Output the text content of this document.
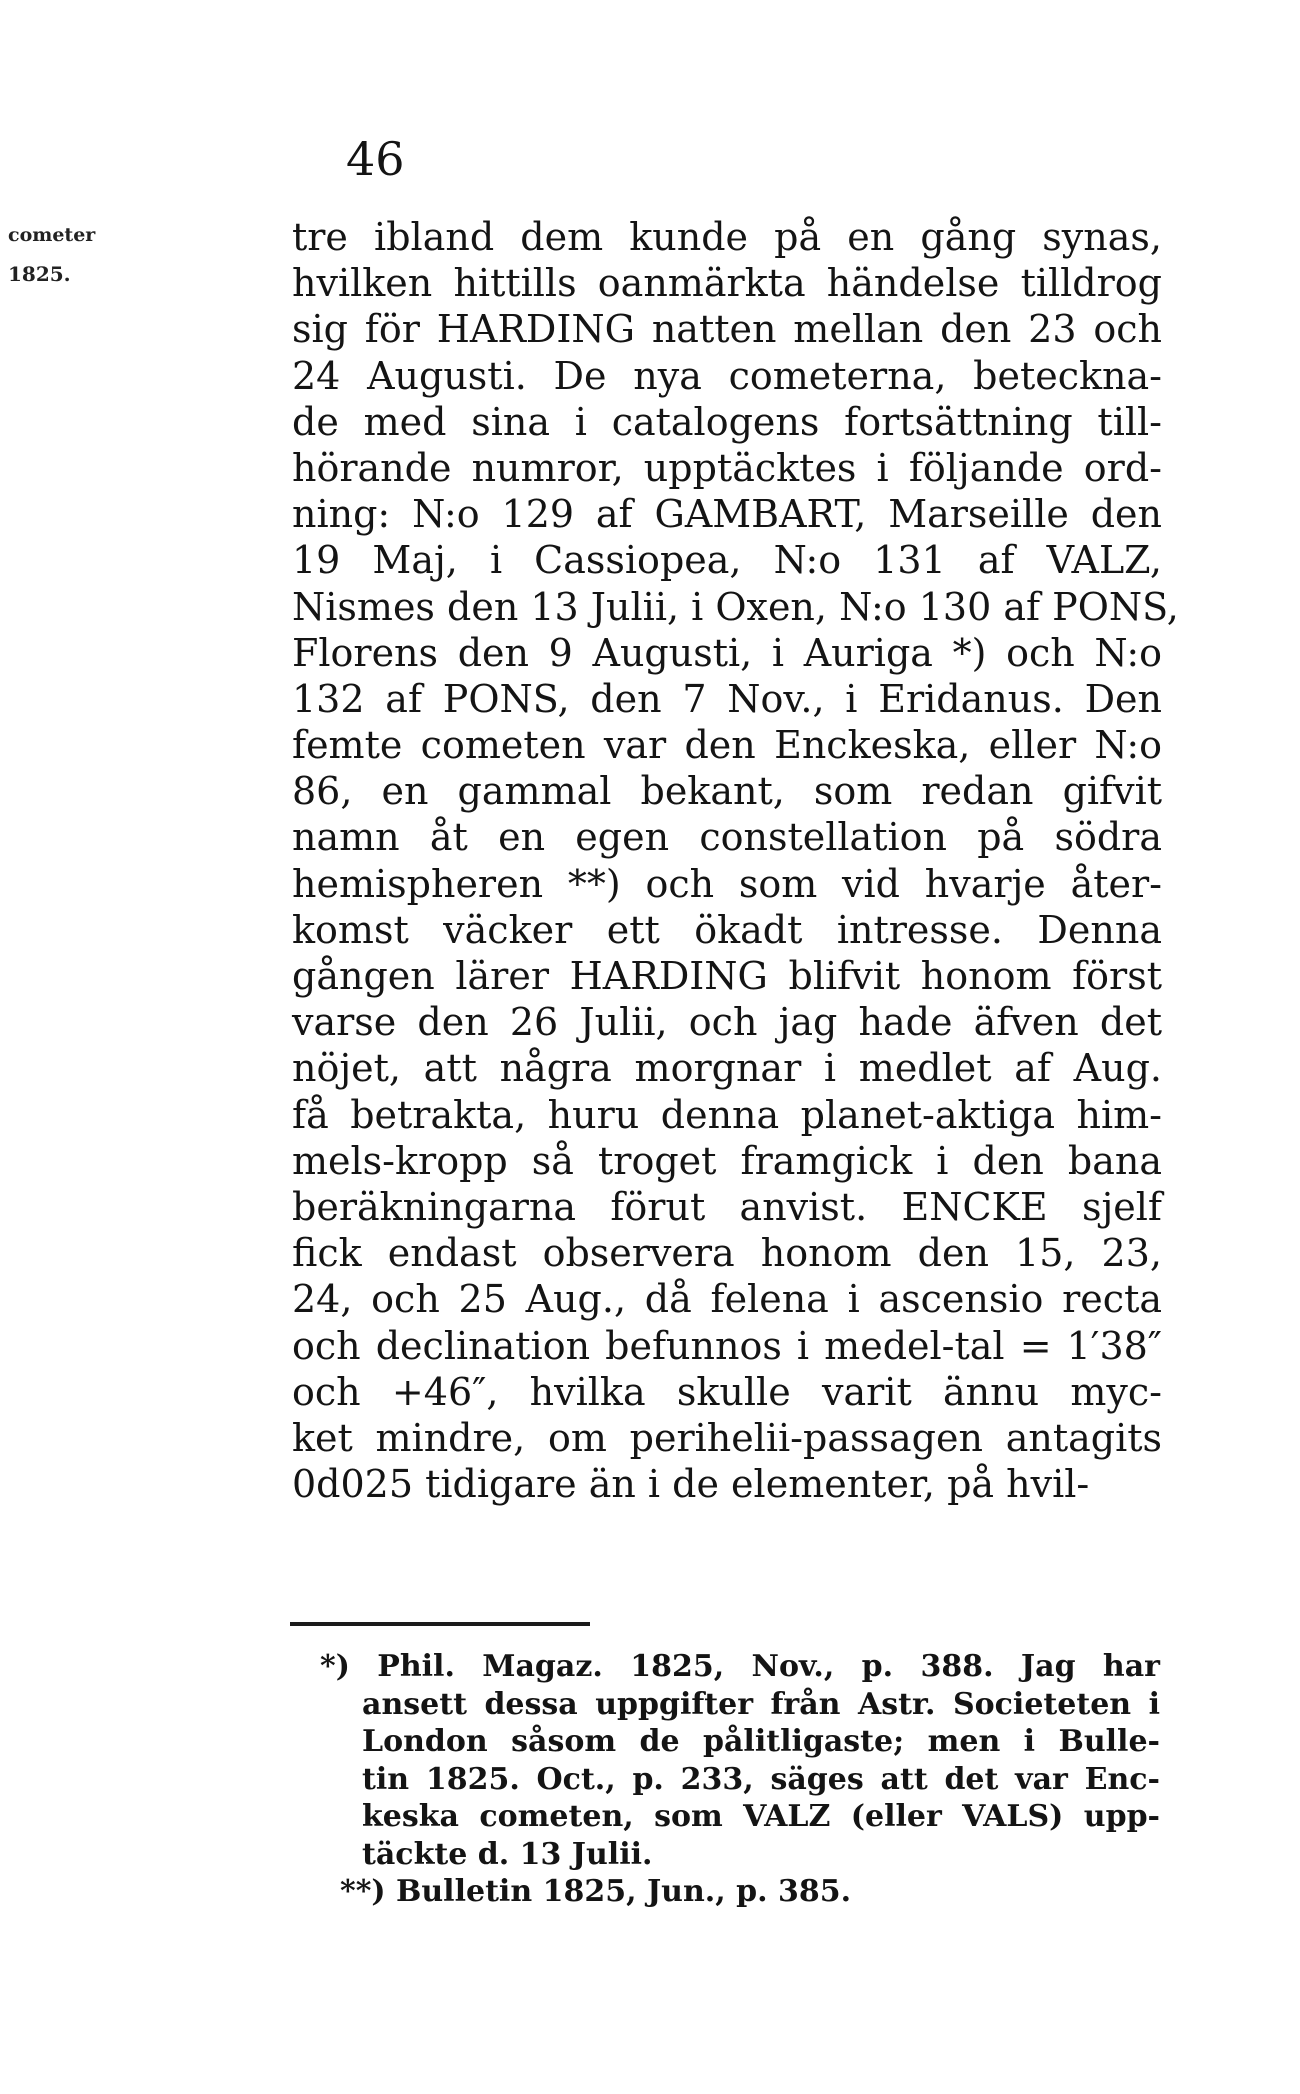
46
cometer
1825.
tre ibland dem kunde på en gång synas,
hvilken hittills oanmärkta händelse tilldrog
sig för HARDING natten mellan den 23 och
24 Augusti. De nya cometerna, betеckna-
de med sina i catalogens fortsättning till-
hörande numror, upptäcktes i följande ord-
ning: N:o 129 af GAMBART, Marseille den
19 Maj, i Cassiopea, N:o 131 af VALZ,
Nismes den 13 Julii, i Oxen, N:o 130 af PONS,
Florens den 9 Augusti, i Auriga *) och N:o
132 af PONS, den 7 Nov., i Eridanus. Den
femte cometen var den Enckeska, eller N:o
86, en gammal bekant, som redan gifvit
namn åt en egen constellation på södra
hemispheren **) och som vid hvarje åter-
komst väcker ett ökadt intresse. Denna
gången lärer HARDING blifvit honom först
varse den 26 Julii, och jag hade äfven det
nöjet, att några morgnar i medlet af Aug.
få betrakta, huru denna planet-aktiga him-
mels-kropp så troget framgick i den bana
beräkningarna förut anvist. ENCKE sjelf
fick endast observera honom den 15, 23,
24, och 25 Aug., då felena i ascensio recta
och declination befunnos i medel-tal = 1′38″
och +46″, hvilka skulle varit ännu myc-
ket mindre, om perihelii-passagen antagits
0d025 tidigare än i de elementer, på hvil-
*) Phil. Magaz. 1825, Nov., p. 388. Jag har
ansett dessa uppgifter från Astr. Societeten i
London såsom de pålitligaste; men i Bulle-
tin 1825. Oct., p. 233, säges att det var Enc-
keska cometen, som VALZ (eller VALS) upp-
täckte d. 13 Julii.
**) Bulletin 1825, Jun., p. 385.
